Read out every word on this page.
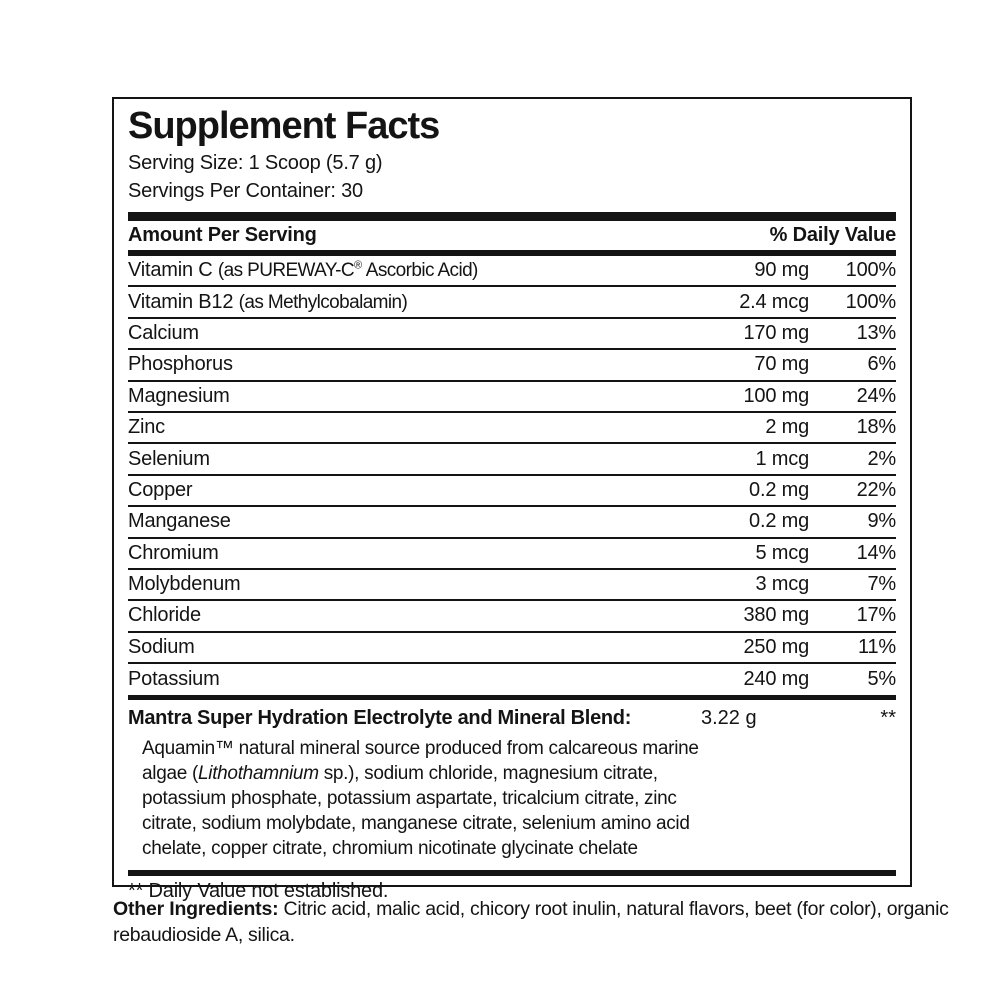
Supplement Facts
Serving Size: 1 Scoop (5.7 g)
Servings Per Container: 30
Amount Per Serving	% Daily Value
Vitamin C (as PUREWAY-C® Ascorbic Acid)	90 mg	100%
Vitamin B12 (as Methylcobalamin)	2.4 mcg	100%
Calcium	170 mg	13%
Phosphorus	70 mg	6%
Magnesium	100 mg	24%
Zinc	2 mg	18%
Selenium	1 mcg	2%
Copper	0.2 mg	22%
Manganese	0.2 mg	9%
Chromium	5 mcg	14%
Molybdenum	3 mcg	7%
Chloride	380 mg	17%
Sodium	250 mg	11%
Potassium	240 mg	5%
Mantra Super Hydration Electrolyte and Mineral Blend:	3.22 g	**
Aquamin™ natural mineral source produced from calcareous marine
algae (Lithothamnium sp.), sodium chloride, magnesium citrate,
potassium phosphate, potassium aspartate, tricalcium citrate, zinc
citrate, sodium molybdate, manganese citrate, selenium amino acid
chelate, copper citrate, chromium nicotinate glycinate chelate
** Daily Value not established.

Other Ingredients: Citric acid, malic acid, chicory root inulin, natural flavors, beet (for color), organic rebaudioside A, silica.
